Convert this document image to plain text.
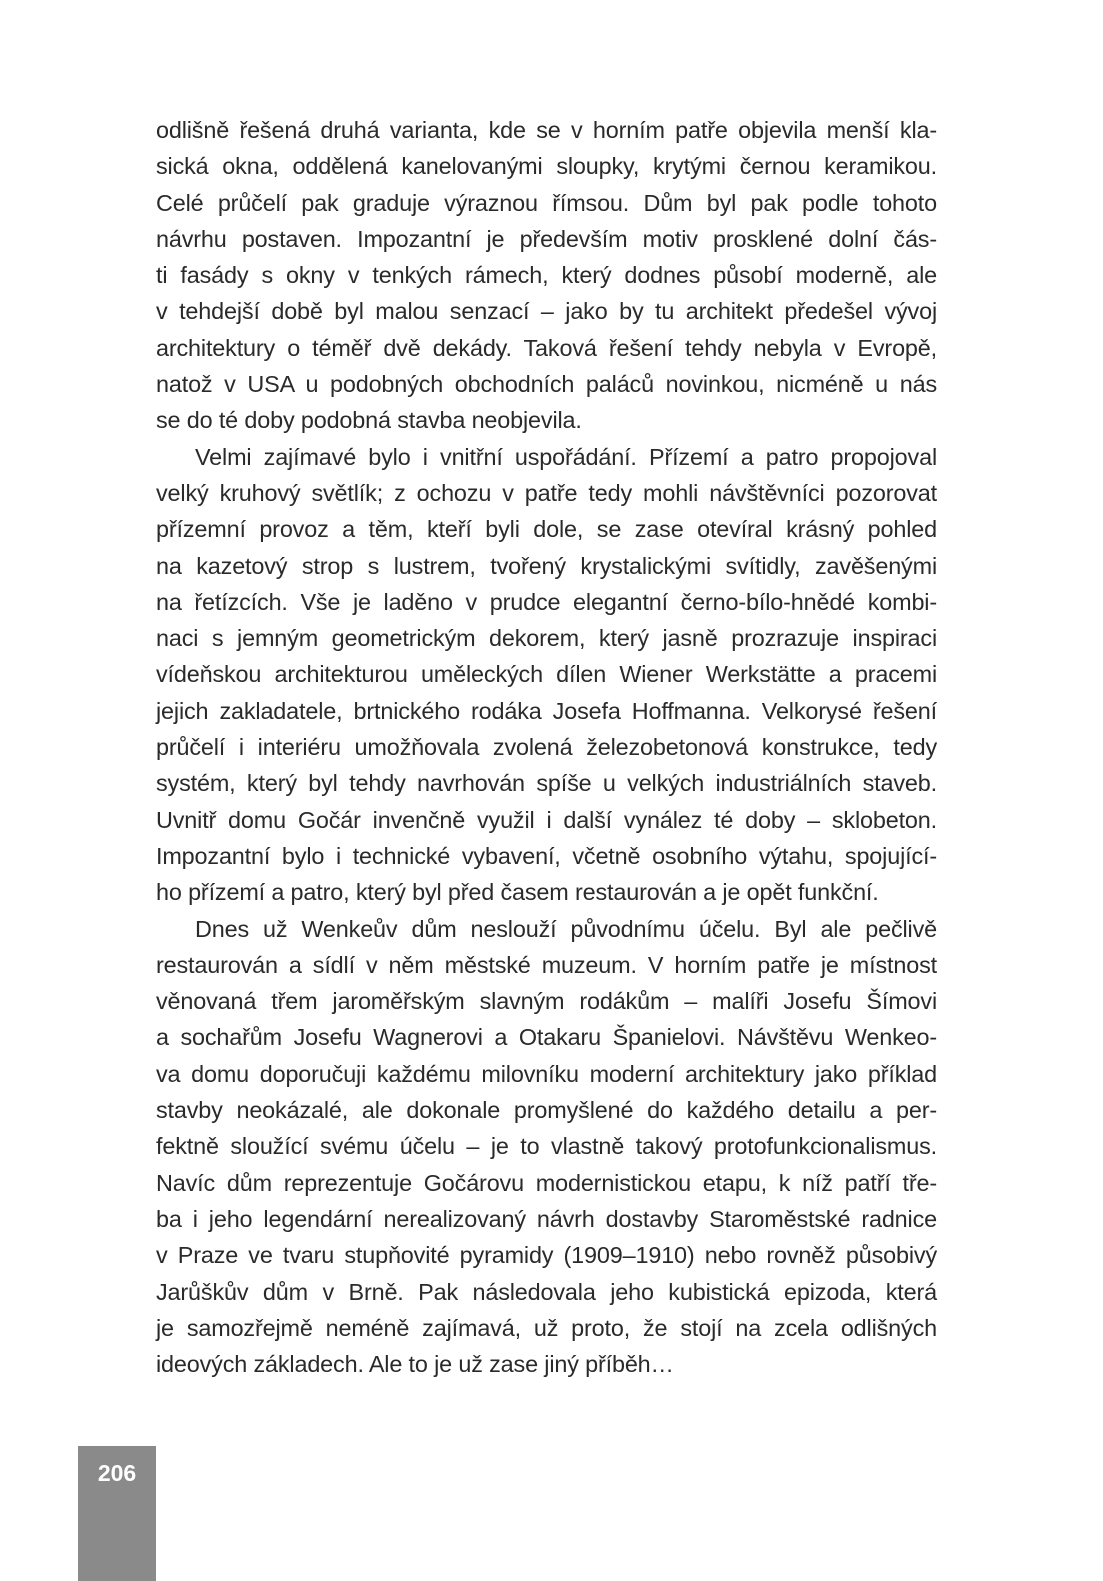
odlišně řešená druhá varianta, kde se v horním patře objevila menší kla-
sická okna, oddělená kanelovanými sloupky, krytými černou keramikou.
Celé průčelí pak graduje výraznou římsou. Dům byl pak podle tohoto
návrhu postaven. Impozantní je především motiv prosklené dolní čás-
ti fasády s okny v tenkých rámech, který dodnes působí moderně, ale
v tehdejší době byl malou senzací – jako by tu architekt předešel vývoj
architektury o téměř dvě dekády. Taková řešení tehdy nebyla v Evropě,
natož v USA u podobných obchodních paláců novinkou, nicméně u nás
se do té doby podobná stavba neobjevila.
Velmi zajímavé bylo i vnitřní uspořádání. Přízemí a patro propojoval
velký kruhový světlík; z ochozu v patře tedy mohli návštěvníci pozorovat
přízemní provoz a těm, kteří byli dole, se zase otevíral krásný pohled
na kazetový strop s lustrem, tvořený krystalickými svítidly, zavěšenými
na řetízcích. Vše je laděno v prudce elegantní černo-bílo-hnědé kombi-
naci s jemným geometrickým dekorem, který jasně prozrazuje inspiraci
vídeňskou architekturou uměleckých dílen Wiener Werkstätte a pracemi
jejich zakladatele, brtnického rodáka Josefa Hoffmanna. Velkorysé řešení
průčelí i interiéru umožňovala zvolená železobetonová konstrukce, tedy
systém, který byl tehdy navrhován spíše u velkých industriálních staveb.
Uvnitř domu Gočár invenčně využil i další vynález té doby – sklobeton.
Impozantní bylo i technické vybavení, včetně osobního výtahu, spojující-
ho přízemí a patro, který byl před časem restaurován a je opět funkční.
Dnes už Wenkeův dům neslouží původnímu účelu. Byl ale pečlivě
restaurován a sídlí v něm městské muzeum. V horním patře je místnost
věnovaná třem jaroměřským slavným rodákům – malíři Josefu Šímovi
a sochařům Josefu Wagnerovi a Otakaru Španielovi. Návštěvu Wenkeo-
va domu doporučuji každému milovníku moderní architektury jako příklad
stavby neokázalé, ale dokonale promyšlené do každého detailu a per-
fektně sloužící svému účelu – je to vlastně takový protofunkcionalismus.
Navíc dům reprezentuje Gočárovu modernistickou etapu, k níž patří tře-
ba i jeho legendární nerealizovaný návrh dostavby Staroměstské radnice
v Praze ve tvaru stupňovité pyramidy (1909–1910) nebo rovněž působivý
Jarůškův dům v Brně. Pak následovala jeho kubistická epizoda, která
je samozřejmě neméně zajímavá, už proto, že stojí na zcela odlišných
ideových základech. Ale to je už zase jiný příběh…
206
